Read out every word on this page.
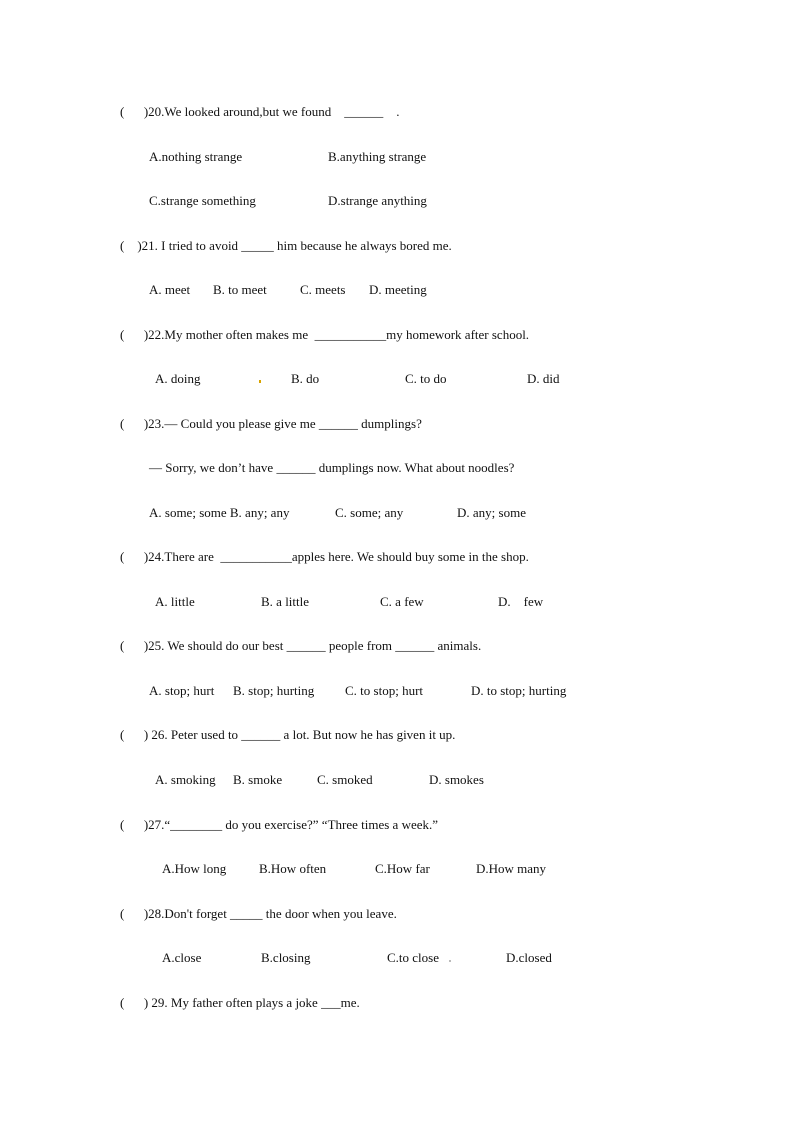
(      )20.We looked around,but we found    ______    .
A.nothing strange	B.anything strange
C.strange something	D.strange anything
(    )21. I tried to avoid _____ him because he always bored me.
A. meet B. to meet	C. meets D. meeting
(      )22.My mother often makes me  ___________my homework after school.
A. doing	B. do	C. to do	D. did
(      )23.— Could you please give me ______ dumplings?
— Sorry, we don’t have ______ dumplings now. What about noodles?
A. some; some B. any; any	C. some; any	D. any; some
(      )24.There are  ___________apples here. We should buy some in the shop.
A. little	B. a little	C. a few	D.    few
(      )25. We should do our best ______ people from ______ animals.
A. stop; hurt B. stop; hurting C. to stop; hurt	D. to stop; hurting
(      ) 26. Peter used to ______ a lot. But now he has given it up.
A. smoking B. smoke	C. smoked	D. smokes
(      )27.“________ do you exercise?” “Three times a week.”
A.How long	B.How often	C.How far	D.How many
(      )28.Don't forget _____ the door when you leave.
A.close	B.closing	C.to close	D.closed
(      ) 29. My father often plays a joke ___me.
